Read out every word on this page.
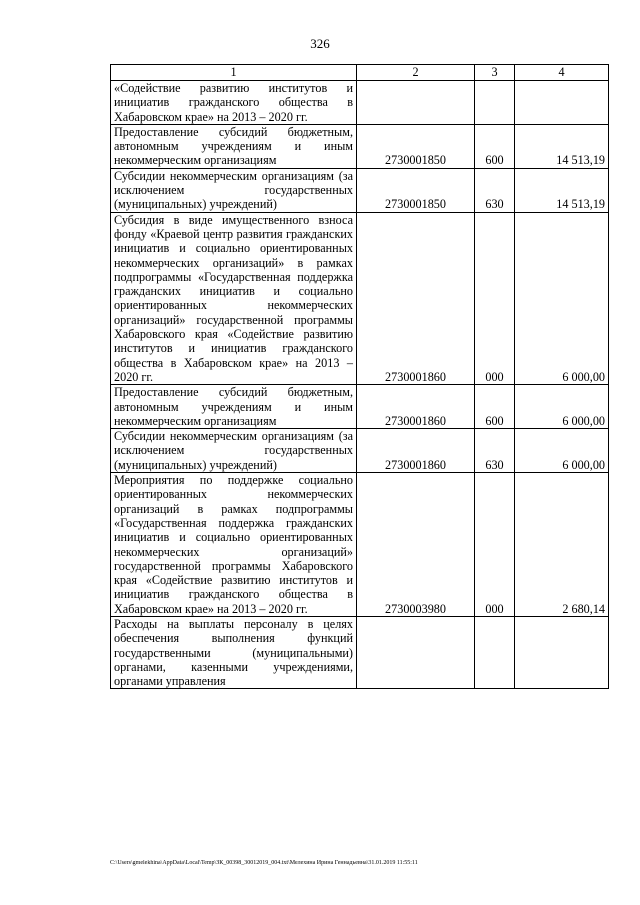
326
1	2	3	4
«Содействие развитию институтов и инициатив гражданского общества в Хабаровском крае» на 2013 – 2020 гг.			
Предоставление субсидий бюджетным, автономным учреждениям и иным некоммерческим организациям	2730001850	600	14 513,19
Субсидии некоммерческим организациям (за исключением государственных (муниципальных) учреждений)	2730001850	630	14 513,19
Субсидия в виде имущественного взноса фонду «Краевой центр развития гражданских инициатив и социально ориентированных некоммерческих организаций» в рамках подпрограммы «Государственная поддержка гражданских инициатив и социально ориентированных некоммерческих организаций» государственной программы Хабаровского края «Содействие развитию институтов и инициатив гражданского общества в Хабаровском крае» на 2013 – 2020 гг.	2730001860	000	6 000,00
Предоставление субсидий бюджетным, автономным учреждениям и иным некоммерческим организациям	2730001860	600	6 000,00
Субсидии некоммерческим организациям (за исключением государственных (муниципальных) учреждений)	2730001860	630	6 000,00
Мероприятия по поддержке социально ориентированных некоммерческих организаций в рамках подпрограммы «Государственная поддержка гражданских инициатив и социально ориентированных некоммерческих организаций» государственной программы Хабаровского края «Содействие развитию институтов и инициатив гражданского общества в Хабаровском крае» на 2013 – 2020 гг.	2730003980	000	2 680,14
Расходы на выплаты персоналу в целях обеспечения выполнения функций государственными (муниципальными) органами, казенными учреждениями, органами управления			
C:\Users\gmelekhina\AppData\Local\Temp\ЗК_00398_30012019_004.txt\Мелехина Ирина Геннадьевна\31.01.2019 11:55:11
